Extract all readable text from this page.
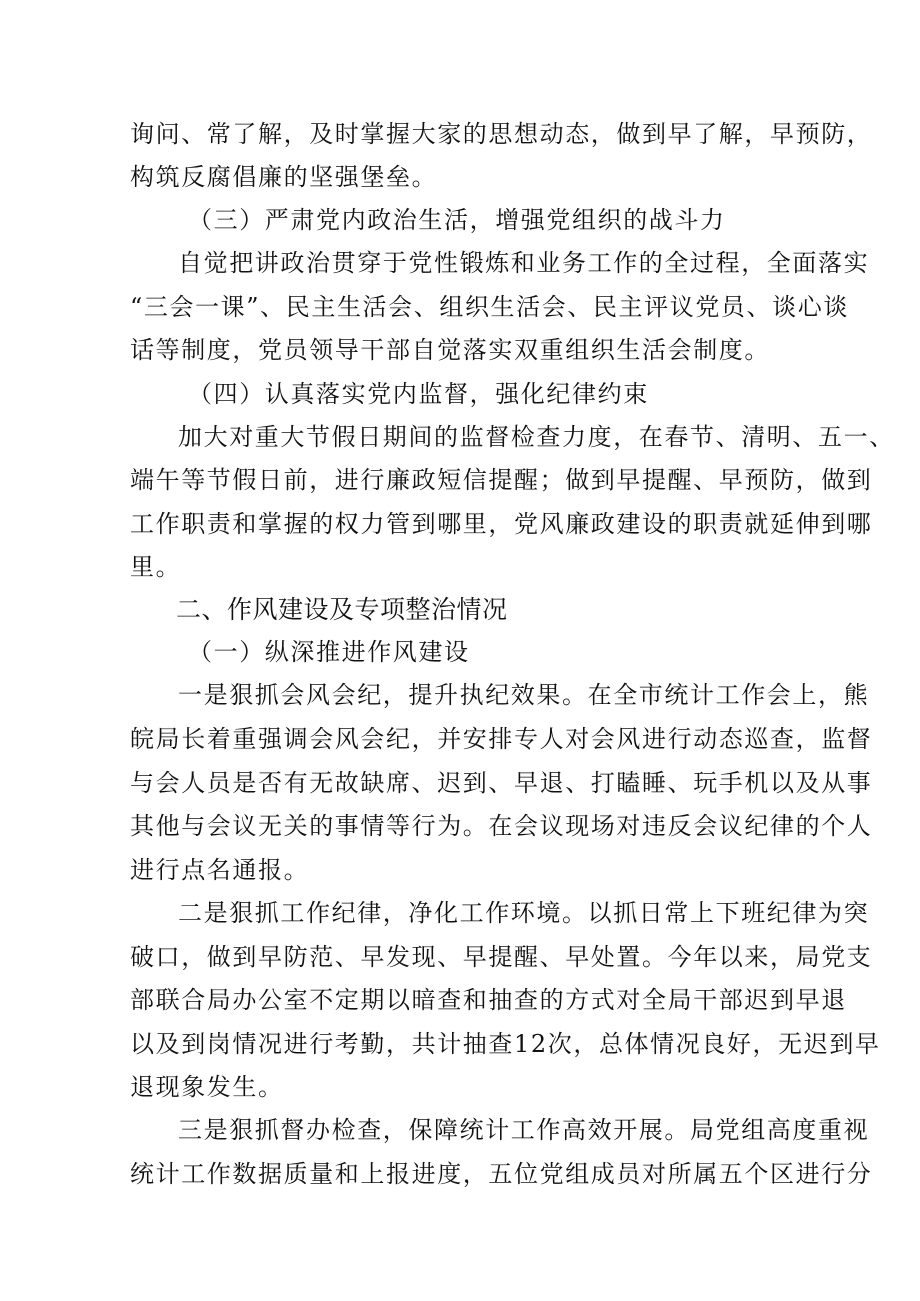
询问、常了解，及时掌握大家的思想动态，做到早了解，早预防，
构筑反腐倡廉的坚强堡垒。
（三）严肃党内政治生活，增强党组织的战斗力
自觉把讲政治贯穿于党性锻炼和业务工作的全过程，全面落实
“三会一课”、民主生活会、组织生活会、民主评议党员、谈心谈
话等制度，党员领导干部自觉落实双重组织生活会制度。
（四）认真落实党内监督，强化纪律约束
加大对重大节假日期间的监督检查力度，在春节、清明、五一、
端午等节假日前，进行廉政短信提醒；做到早提醒、早预防，做到
工作职责和掌握的权力管到哪里，党风廉政建设的职责就延伸到哪
里。
二、作风建设及专项整治情况
（一）纵深推进作风建设
一是狠抓会风会纪，提升执纪效果。在全市统计工作会上，熊
皖局长着重强调会风会纪，并安排专人对会风进行动态巡查，监督
与会人员是否有无故缺席、迟到、早退、打瞌睡、玩手机以及从事
其他与会议无关的事情等行为。在会议现场对违反会议纪律的个人
进行点名通报。
二是狠抓工作纪律，净化工作环境。以抓日常上下班纪律为突
破口，做到早防范、早发现、早提醒、早处置。今年以来，局党支
部联合局办公室不定期以暗查和抽查的方式对全局干部迟到早退
以及到岗情况进行考勤，共计抽查12次，总体情况良好，无迟到早
退现象发生。
三是狠抓督办检查，保障统计工作高效开展。局党组高度重视
统计工作数据质量和上报进度，五位党组成员对所属五个区进行分
